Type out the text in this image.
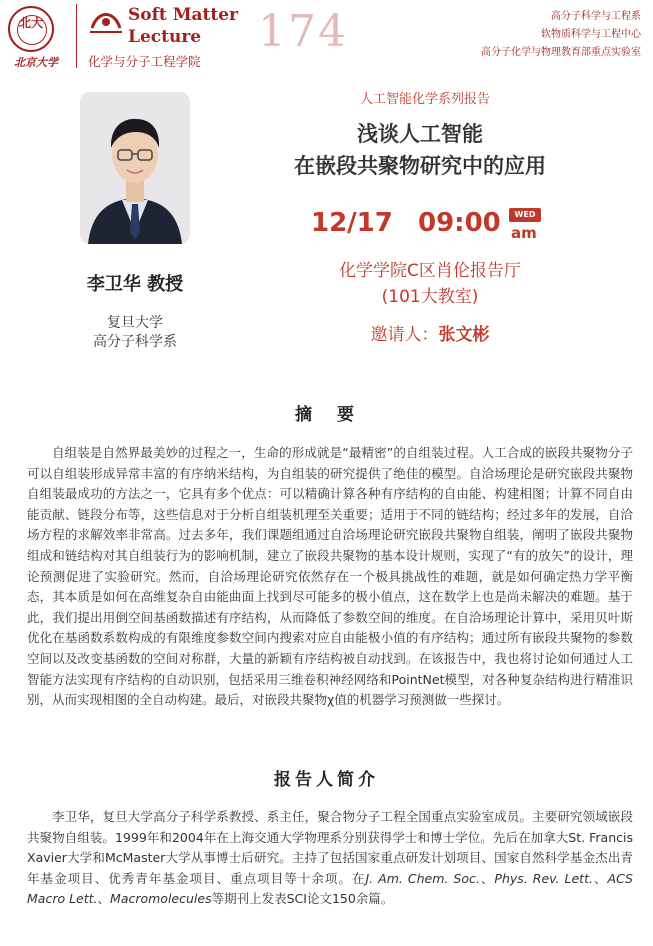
北大
北京大学
Soft Matter
Lecture	174
化学与分子工程学院
高分子科学与工程系
软物质科学与工程中心
高分子化学与物理教育部重点实验室
李卫华 教授
复旦大学
高分子科学系
人工智能化学系列报告
浅谈人工智能
在嵌段共聚物研究中的应用
12/17 09:00	WED
am
化学学院C区肖伦报告厅
(101大教室)
邀请人：张文彬
摘　要
自组装是自然界最美妙的过程之一，生命的形成就是“最精密”的自组装过程。人工合成的嵌段共聚物分子可以自组装形成异常丰富的有序纳米结构，为自组装的研究提供了绝佳的模型。自洽场理论是研究嵌段共聚物自组装最成功的方法之一，它具有多个优点：可以精确计算各种有序结构的自由能、构建相图；计算不同自由能贡献、链段分布等，这些信息对于分析自组装机理至关重要；适用于不同的链结构；经过多年的发展，自洽场方程的求解效率非常高。过去多年，我们课题组通过自洽场理论研究嵌段共聚物自组装，阐明了嵌段共聚物组成和链结构对其自组装行为的影响机制，建立了嵌段共聚物的基本设计规则，实现了“有的放矢”的设计，理论预测促进了实验研究。然而，自洽场理论研究依然存在一个极具挑战性的难题，就是如何确定热力学平衡态，其本质是如何在高维复杂自由能曲面上找到尽可能多的极小值点，这在数学上也是尚未解决的难题。基于此，我们提出用倒空间基函数描述有序结构，从而降低了参数空间的维度。在自洽场理论计算中，采用贝叶斯优化在基函数系数构成的有限维度参数空间内搜索对应自由能极小值的有序结构；通过所有嵌段共聚物的参数空间以及改变基函数的空间对称群，大量的新颖有序结构被自动找到。在该报告中，我也将讨论如何通过人工智能方法实现有序结构的自动识别，包括采用三维卷积神经网络和PointNet模型，对各种复杂结构进行精准识别，从而实现相图的全自动构建。最后，对嵌段共聚物χ值的机器学习预测做一些探讨。
报告人简介
李卫华，复旦大学高分子科学系教授、系主任，聚合物分子工程全国重点实验室成员。主要研究领域嵌段共聚物自组装。1999年和2004年在上海交通大学物理系分别获得学士和博士学位。先后在加拿大St. Francis Xavier大学和McMaster大学从事博士后研究。主持了包括国家重点研发计划项目、国家自然科学基金杰出青年基金项目、优秀青年基金项目、重点项目等十余项。在J. Am. Chem. Soc.、Phys. Rev. Lett.、ACS Macro Lett.、Macromolecules等期刊上发表SCI论文150余篇。
